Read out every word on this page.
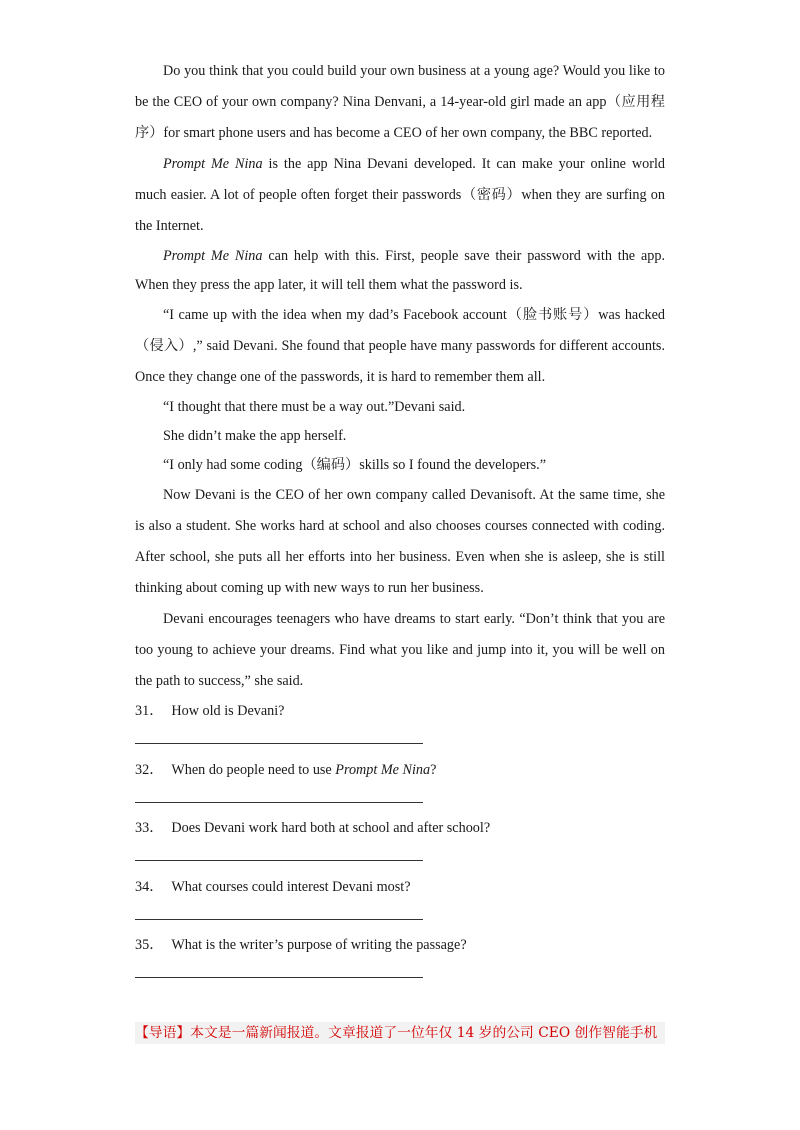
Do you think that you could build your own business at a young age? Would you like to be the CEO of your own company? Nina Denvani, a 14-year-old girl made an app（应用程序）for smart phone users and has become a CEO of her own company, the BBC reported.

Prompt Me Nina is the app Nina Devani developed. It can make your online world much easier. A lot of people often forget their passwords（密码）when they are surfing on the Internet.

Prompt Me Nina can help with this. First, people save their password with the app. When they press the app later, it will tell them what the password is.

“I came up with the idea when my dad’s Facebook account（脸书账号）was hacked（侵入）,” said Devani. She found that people have many passwords for different accounts. Once they change one of the passwords, it is hard to remember them all.

“I thought that there must be a way out.”Devani said.

She didn’t make the app herself.

“I only had some coding（编码）skills so I found the developers.”

Now Devani is the CEO of her own company called Devanisoft. At the same time, she is also a student. She works hard at school and also chooses courses connected with coding. After school, she puts all her efforts into her business. Even when she is asleep, she is still thinking about coming up with new ways to run her business.

Devani encourages teenagers who have dreams to start early. “Don’t think that you are too young to achieve your dreams. Find what you like and jump into it, you will be well on the path to success,” she said.

31． How old is Devani?
32． When do people need to use Prompt Me Nina?
33． Does Devani work hard both at school and after school?
34． What courses could interest Devani most?
35． What is the writer’s purpose of writing the passage?
【导语】本文是一篇新闻报道。文章报道了一位年仅 14 岁的公司 CEO 创作智能手机
